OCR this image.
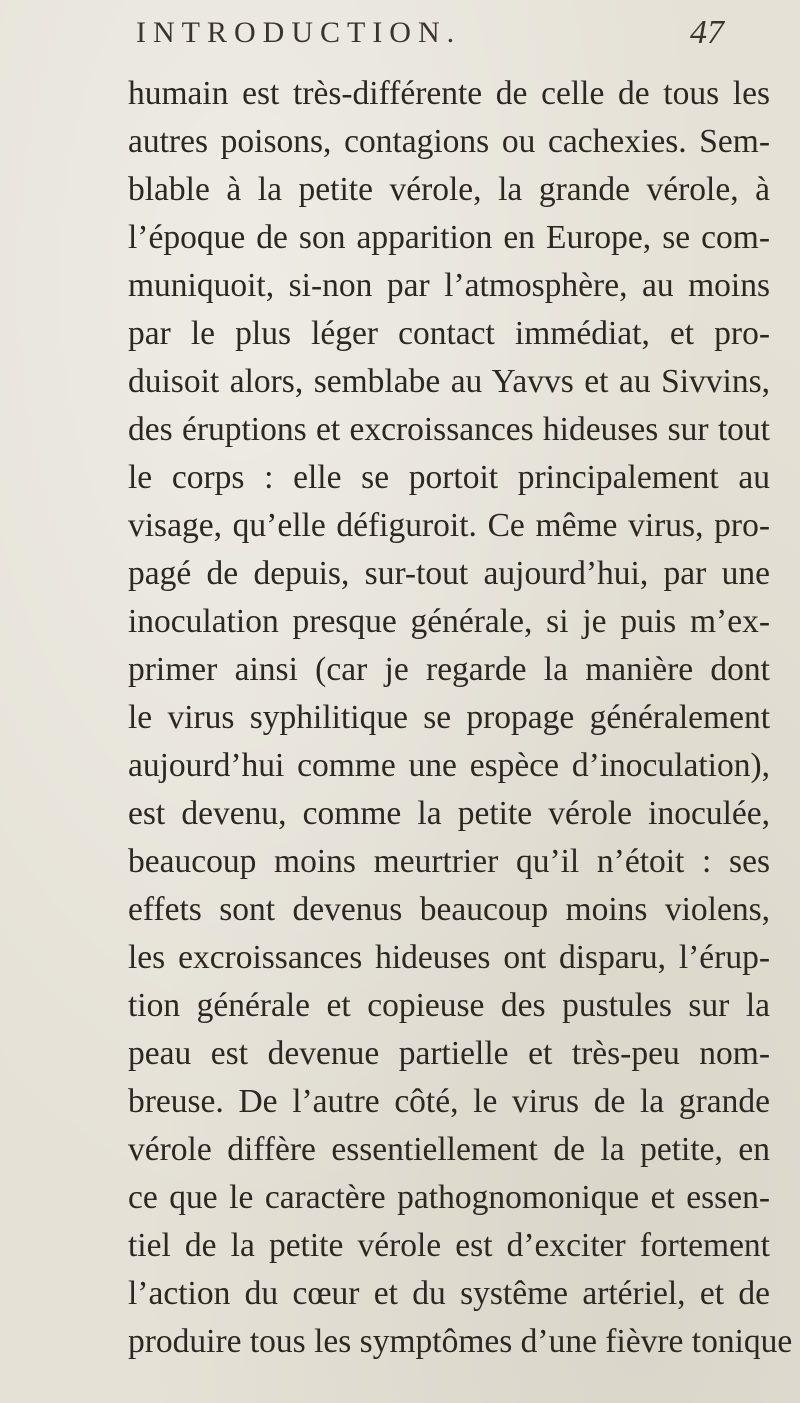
INTRODUCTION.	47
humain est très-différente de celle de tous les
autres poisons, contagions ou cachexies. Sem-
blable à la petite vérole, la grande vérole, à
l’époque de son apparition en Europe, se com-
muniquoit, si-non par l’atmosphère, au moins
par le plus léger contact immédiat, et pro-
duisoit alors, semblabe au Yavvs et au Sivvins,
des éruptions et excroissances hideuses sur tout
le corps : elle se portoit principalement au
visage, qu’elle défiguroit. Ce même virus, pro-
pagé de depuis, sur-tout aujourd’hui, par une
inoculation presque générale, si je puis m’ex-
primer ainsi (car je regarde la manière dont
le virus syphilitique se propage généralement
aujourd’hui comme une espèce d’inoculation),
est devenu, comme la petite vérole inoculée,
beaucoup moins meurtrier qu’il n’étoit : ses
effets sont devenus beaucoup moins violens,
les excroissances hideuses ont disparu, l’érup-
tion générale et copieuse des pustules sur la
peau est devenue partielle et très-peu nom-
breuse. De l’autre côté, le virus de la grande
vérole diffère essentiellement de la petite, en
ce que le caractère pathognomonique et essen-
tiel de la petite vérole est d’exciter fortement
l’action du cœur et du systême artériel, et de
produire tous les symptômes d’une fièvre tonique
